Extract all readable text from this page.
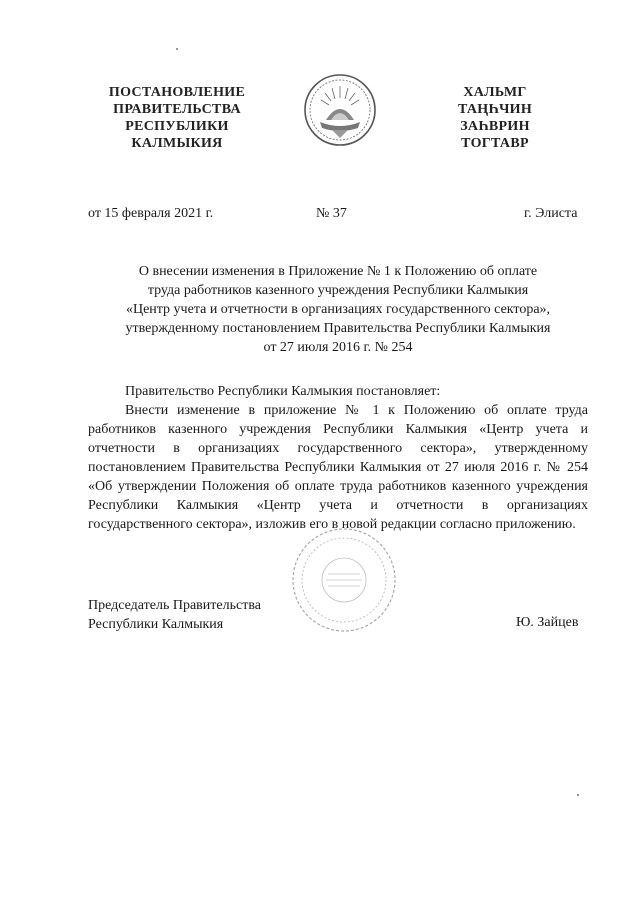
ПОСТАНОВЛЕНИЕ
ПРАВИТЕЛЬСТВА
РЕСПУБЛИКИ
КАЛМЫКИЯ
ХАЛЬМГ
ТАҢҺЧИН
ЗАҺВРИН
ТОГТАВР
от 15 февраля 2021 г.	№ 37	г. Элиста
О внесении изменения в Приложение № 1 к Положению об оплате
труда работников казенного учреждения Республики Калмыкия
«Центр учета и отчетности в организациях государственного сектора»,
утвержденному постановлением Правительства Республики Калмыкия
от 27 июля 2016 г. № 254

Правительство Республики Калмыкия постановляет:

Внести изменение в приложение № 1 к Положению об оплате труда работников казенного учреждения Республики Калмыкия «Центр учета и отчетности в организациях государственного сектора», утвержденному постановлением Правительства Республики Калмыкия от 27 июля 2016 г. № 254 «Об утверждении Положения об оплате труда работников казенного учреждения Республики Калмыкия «Центр учета и отчетности в организациях государственного сектора», изложив его в новой редакции согласно приложению.

Председатель Правительства
Республики Калмыкия	Ю. Зайцев
